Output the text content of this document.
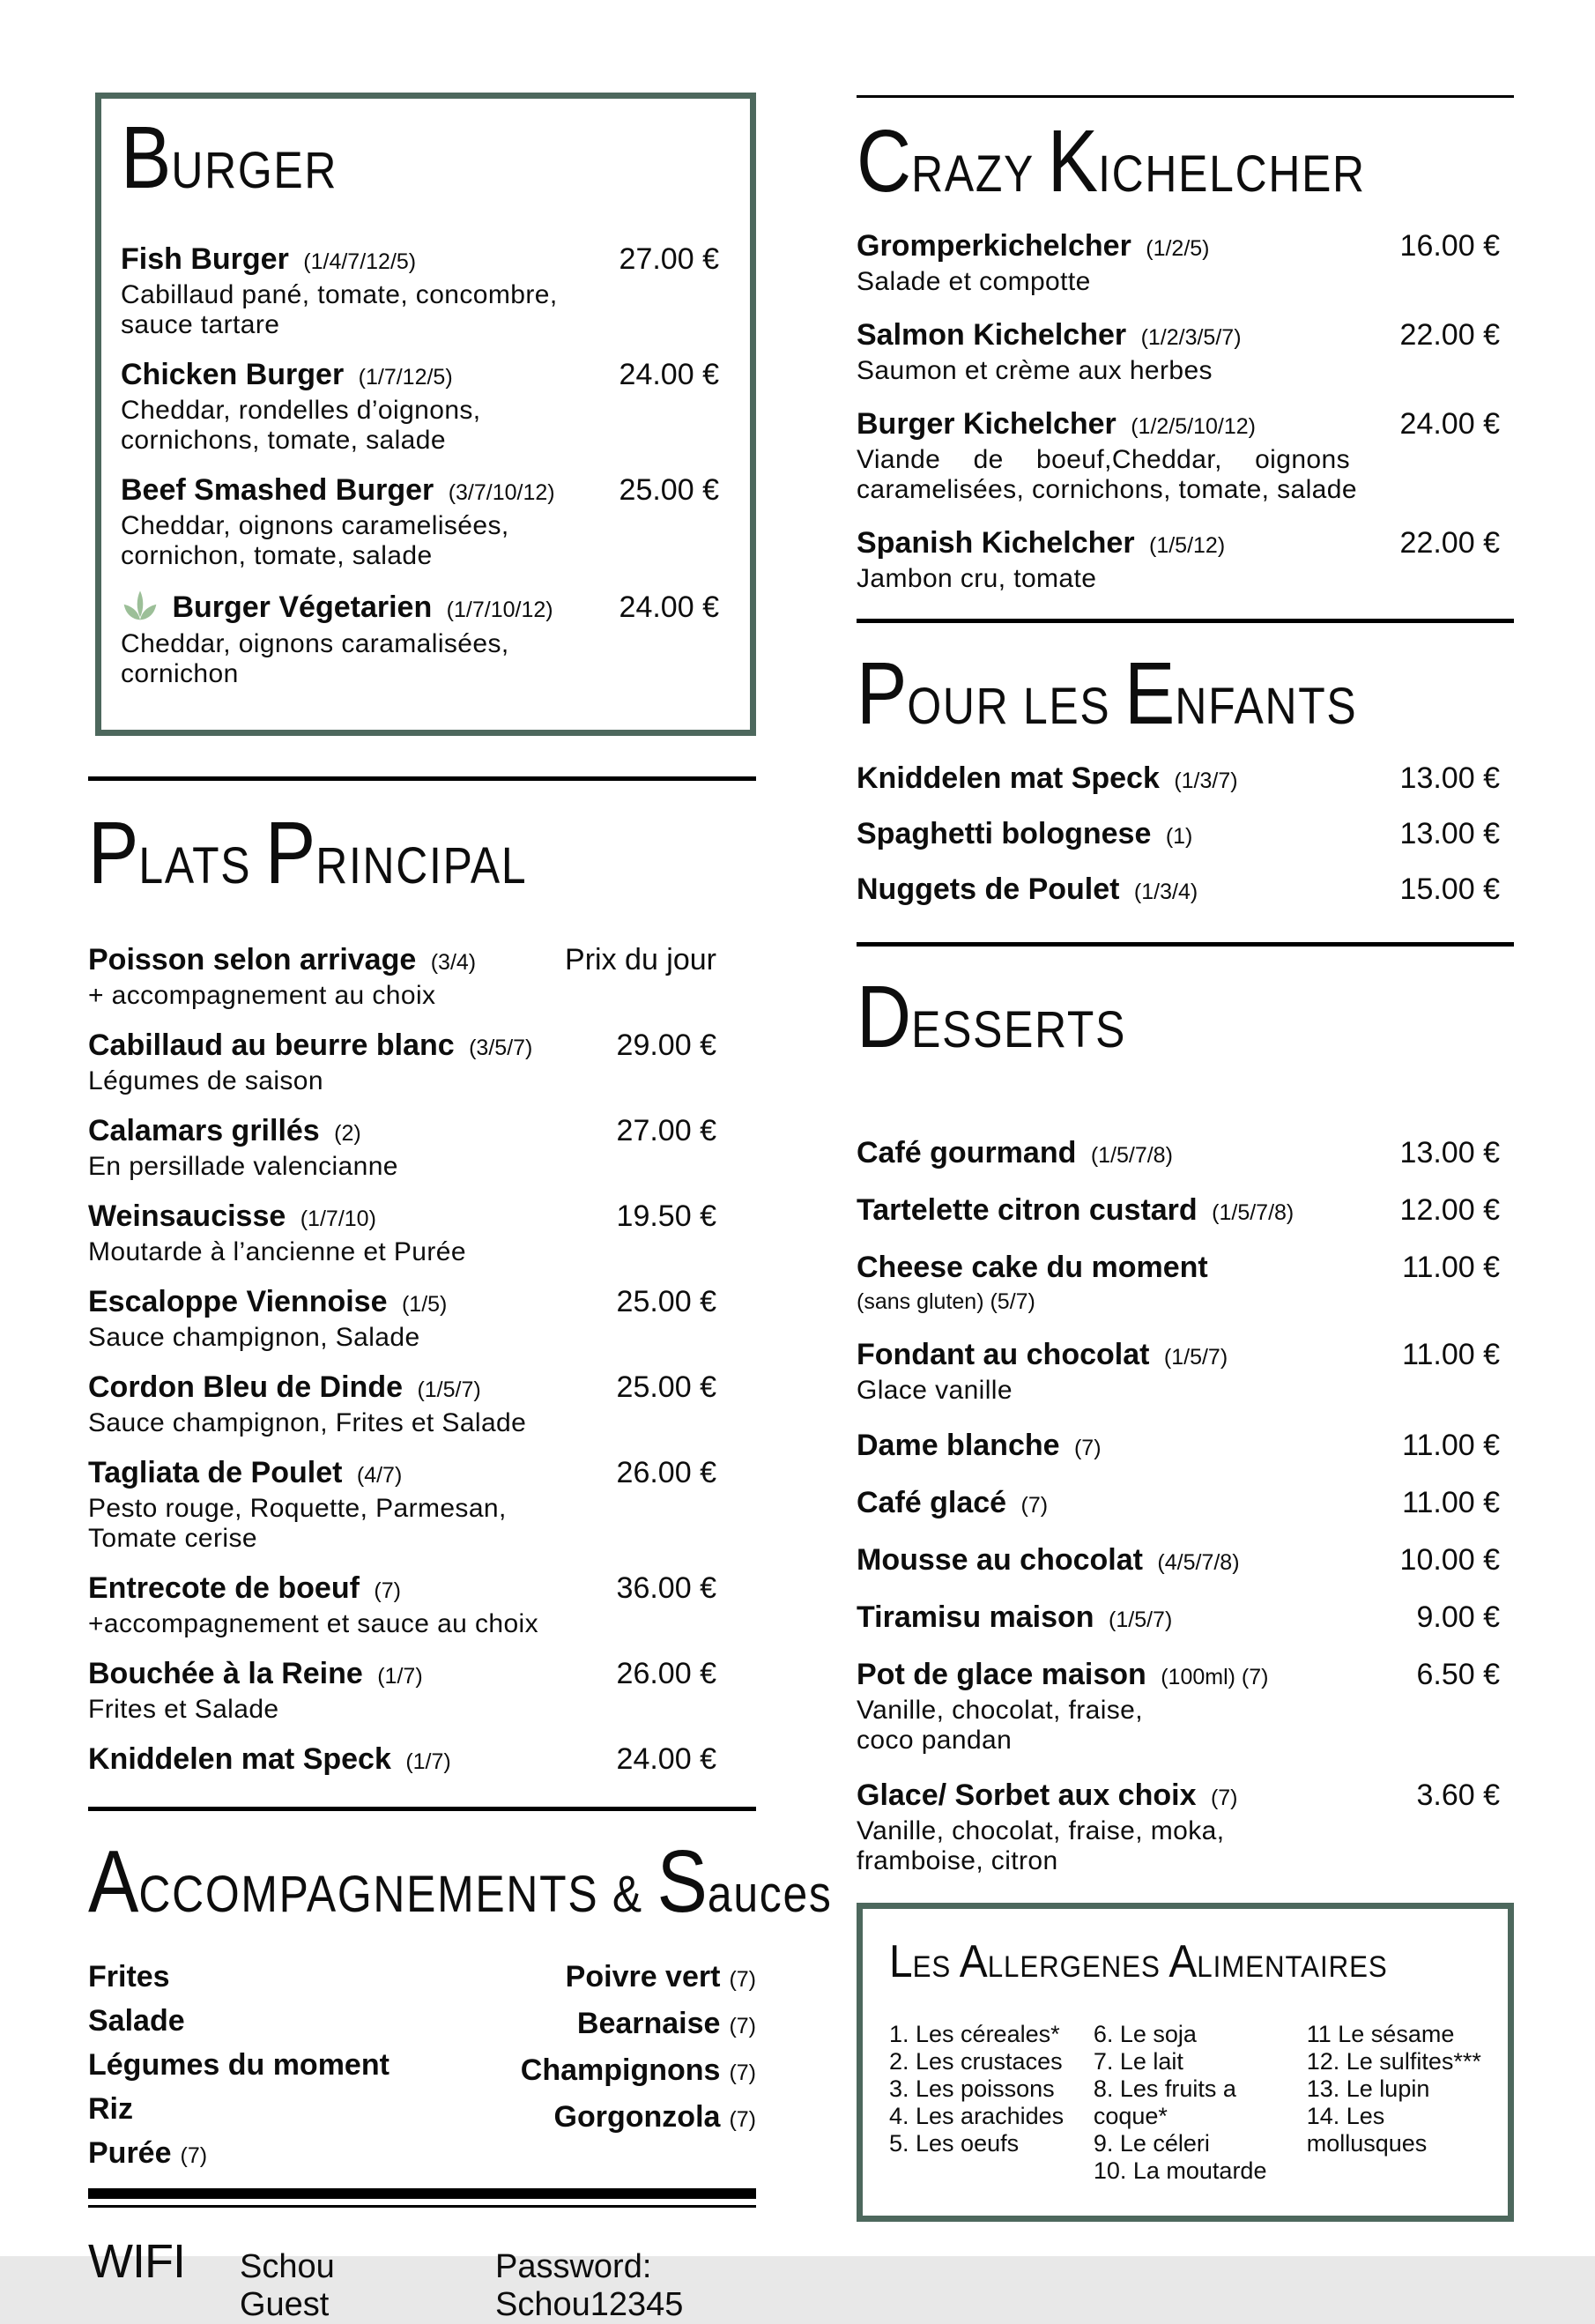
BURGER
Fish Burger (1/4/7/12/5)	27.00 €
Cabillaud pané, tomate, concombre,
sauce tartare
Chicken Burger (1/7/12/5)	24.00 €
Cheddar, rondelles d’oignons,
cornichons, tomate, salade
Beef Smashed Burger (3/7/10/12)	25.00 €
Cheddar, oignons caramelisées,
cornichon, tomate, salade
Burger Végetarien (1/7/10/12)	24.00 €
Cheddar, oignons caramalisées,
cornichon
PLATS PRINCIPAL
Poisson selon arrivage (3/4)	Prix du jour
+ accompagnement au choix
Cabillaud au beurre blanc (3/5/7)	29.00 €
Légumes de saison
Calamars grillés (2)	27.00 €
En persillade valencianne
Weinsaucisse (1/7/10)	19.50 €
Moutarde à l’ancienne et Purée
Escaloppe Viennoise (1/5)	25.00 €
Sauce champignon, Salade
Cordon Bleu de Dinde (1/5/7)	25.00 €
Sauce champignon, Frites et Salade
Tagliata de Poulet (4/7)	26.00 €
Pesto rouge, Roquette, Parmesan,
Tomate cerise
Entrecote de boeuf (7)	36.00 €
+accompagnement et sauce au choix
Bouchée à la Reine (1/7)	26.00 €
Frites et Salade
Kniddelen mat Speck (1/7)	24.00 €
ACCOMPAGNEMENTS & Sauces
Frites
Salade
Légumes du moment
Riz
Purée (7)
Poivre vert (7)
Bearnaise (7)
Champignons (7)
Gorgonzola (7)
WIFI Schou Guest
Password: Schou12345
CRAZY KICHELCHER
Gromperkichelcher (1/2/5)	16.00 €
Salade et compotte
Salmon Kichelcher (1/2/3/5/7)	22.00 €
Saumon et crème aux herbes
Burger Kichelcher (1/2/5/10/12)	24.00 €
Viande de boeuf,Cheddar, oignons
caramelisées, cornichons, tomate, salade
Spanish Kichelcher (1/5/12)	22.00 €
Jambon cru, tomate
POUR LES ENFANTS
Kniddelen mat Speck (1/3/7)	13.00 €
Spaghetti bolognese (1)	13.00 €
Nuggets de Poulet (1/3/4)	15.00 €
DESSERTS
Café gourmand (1/5/7/8)	13.00 €
Tartelette citron custard (1/5/7/8)	12.00 €
Cheese cake du moment	11.00 €
(sans gluten) (5/7)
Fondant au chocolat (1/5/7)	11.00 €
Glace vanille
Dame blanche (7)	11.00 €
Café glacé (7)	11.00 €
Mousse au chocolat (4/5/7/8)	10.00 €
Tiramisu maison (1/5/7)	9.00 €
Pot de glace maison (100ml) (7)	6.50 €
Vanille, chocolat, fraise,
coco pandan
Glace/ Sorbet aux choix (7)	3.60 €
Vanille, chocolat, fraise, moka,
framboise, citron
LES ALLERGENES ALIMENTAIRES
1. Les céreales*
2. Les crustaces
3. Les poissons
4. Les arachides
5. Les oeufs
6. Le soja
7. Le lait
8. Les fruits a coque*
9. Le céleri
10. La moutarde
11 Le sésame
12. Le sulfites***
13. Le lupin
14. Les mollusques
